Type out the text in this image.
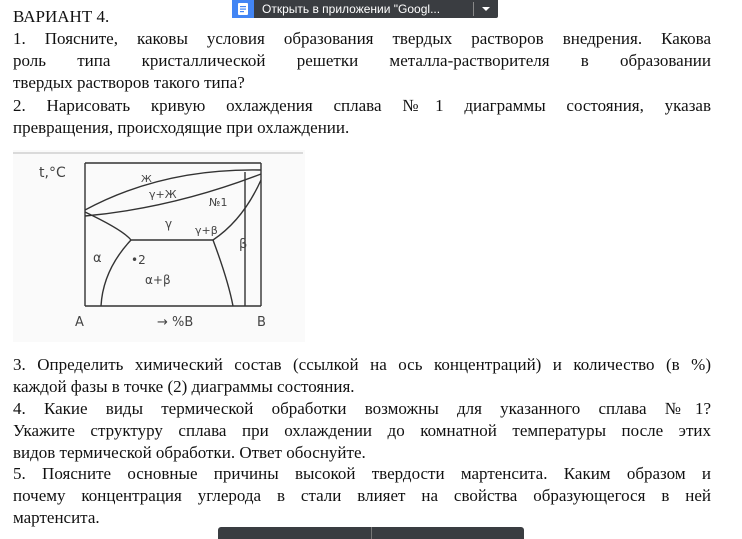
Открыть в приложении "Googl...
ВАРИАНТ 4.
1. Поясните, каковы условия образования твердых растворов внедрения. Какова
роль типа кристаллической решетки металла-растворителя в образовании
твердых растворов такого типа?
2. Нарисовать кривую охлаждения сплава №1 диаграммы состояния, указав
превращения, происходящие при охлаждении.
t,°C	Ж
γ+Ж
№1
γ γ+β
α
β
•2
α+β
A	→ %B	B
3. Определить химический состав (ссылкой на ось концентраций) и количество (в %)
каждой фазы в точке (2) диаграммы состояния.
4. Какие виды термической обработки возможны для указанного сплава №1?
Укажите структуру сплава при охлаждении до комнатной температуры после этих
видов термической обработки. Ответ обоснуйте.
5. Поясните основные причины высокой твердости мартенсита. Каким образом и
почему концентрация углерода в стали влияет на свойства образующегося в ней
мартенсита.
